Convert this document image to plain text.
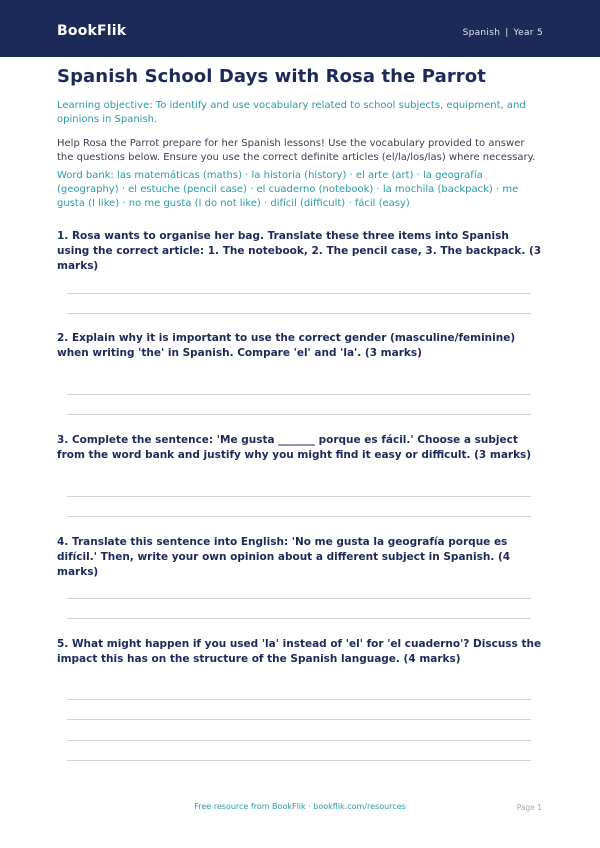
BookFlik	Spanish | Year 5
Spanish School Days with Rosa the Parrot

Learning objective: To identify and use vocabulary related to school subjects, equipment, and opinions in Spanish.

Help Rosa the Parrot prepare for her Spanish lessons! Use the vocabulary provided to answer the questions below. Ensure you use the correct definite articles (el/la/los/las) where necessary.

Word bank: las matemáticas (maths) · la historia (history) · el arte (art) · la geografía (geography) · el estuche (pencil case) · el cuaderno (notebook) · la mochila (backpack) · me gusta (I like) · no me gusta (I do not like) · difícil (difficult) · fácil (easy)

1. Rosa wants to organise her bag. Translate these three items into Spanish using the correct article: 1. The notebook, 2. The pencil case, 3. The backpack. (3 marks)
2. Explain why it is important to use the correct gender (masculine/feminine) when writing 'the' in Spanish. Compare 'el' and 'la'. (3 marks)
3. Complete the sentence: 'Me gusta _______ porque es fácil.' Choose a subject from the word bank and justify why you might find it easy or difficult. (3 marks)
4. Translate this sentence into English: 'No me gusta la geografía porque es difícil.' Then, write your own opinion about a different subject in Spanish. (4 marks)
5. What might happen if you used 'la' instead of 'el' for 'el cuaderno'? Discuss the impact this has on the structure of the Spanish language. (4 marks)
Free resource from BookFlik · bookflik.com/resources	Page 1
